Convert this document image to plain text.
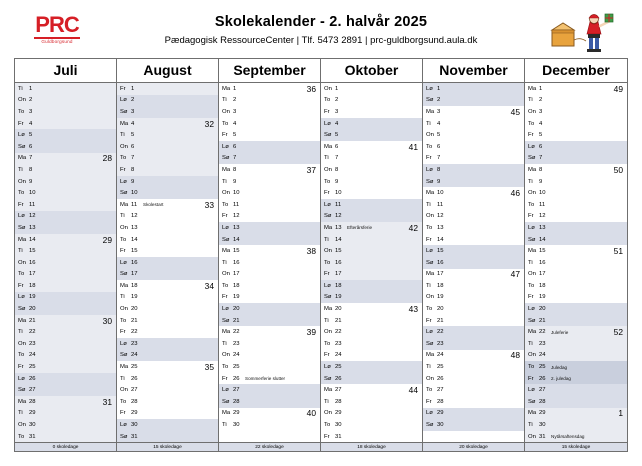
PRC
Guldborgsund
Skolekalender - 2. halvår 2025
Pædagogisk RessourceCenter | Tlf. 5473 2891 | prc-guldborgsund.aula.dk
Juli
Ti	1
On 2
To 3
Fr 4
Lø 5
Sø 6
Ma 7	28
Ti	8
On 9
To 10
Fr 11
Lø 12
Sø 13
Ma 14	29
Ti	15
On 16
To 17
Fr 18
Lø 19
Sø 20
Ma 21	30
Ti	22
On 23
To 24
Fr 25
Lø 26
Sø 27
Ma 28	31
Ti	29
On 30
To 31
August
Fr 1
Lø 2
Sø 3
Ma 4	32
Ti	5
On 6
To 7
Fr 8
Lø 9
Sø 10
Ma 11	Skolestart	33
Ti	12
On 13
To 14
Fr 15
Lø 16
Sø 17
Ma 18	34
Ti	19
On 20
To 21
Fr 22
Lø 23
Sø 24
Ma 25	35
Ti	26
On 27
To 28
Fr 29
Lø 30
Sø 31
September
Ma 1	36
Ti	2
On 3
To 4
Fr 5
Lø 6
Sø 7
Ma 8	37
Ti	9
On 10
To 11
Fr 12
Lø 13
Sø 14
Ma 15	38
Ti	16
On 17
To 18
Fr 19
Lø 20
Sø 21
Ma 22	39
Ti	23
On 24
To 25
Fr 26	Sommerferie slutter
Lø 27
Sø 28
Ma 29	40
Ti	30
Oktober
On 1
To 2
Fr 3
Lø 4
Sø 5
Ma 6	41
Ti	7
On 8
To 9
Fr 10
Lø 11
Sø 12
Ma 13	Efterårsferie	42
Ti	14
On 15
To 16
Fr 17
Lø 18
Sø 19
Ma 20	43
Ti	21
On 22
To 23
Fr 24
Lø 25
Sø 26
Ma 27	44
Ti	28
On 29
To 30
Fr 31
November
Lø 1
Sø 2
Ma 3	45
Ti	4
On 5
To 6
Fr 7
Lø 8
Sø 9
Ma 10	46
Ti	11
On 12
To 13
Fr 14
Lø 15
Sø 16
Ma 17	47
Ti	18
On 19
To 20
Fr 21
Lø 22
Sø 23
Ma 24	48
Ti	25
On 26
To 27
Fr 28
Lø 29
Sø 30
December
Ma 1	49
Ti	2
On 3
To 4
Fr 5
Lø 6
Sø 7
Ma 8	50
Ti	9
On 10
To 11
Fr 12
Lø 13
Sø 14
Ma 15	51
Ti	16
On 17
To 18
Fr 19
Lø 20
Sø 21
Ma 22	Juleferie	52
Ti	23
On 24
To 25	Juledag
Fr 26	2. juledag
Lø 27
Sø 28
Ma 29	1
Ti	30
On 31	Nytårsaftensdag
0 skoledage	15 skoledage	22 skoledage	18 skoledage	20 skoledage	15 skoledage
